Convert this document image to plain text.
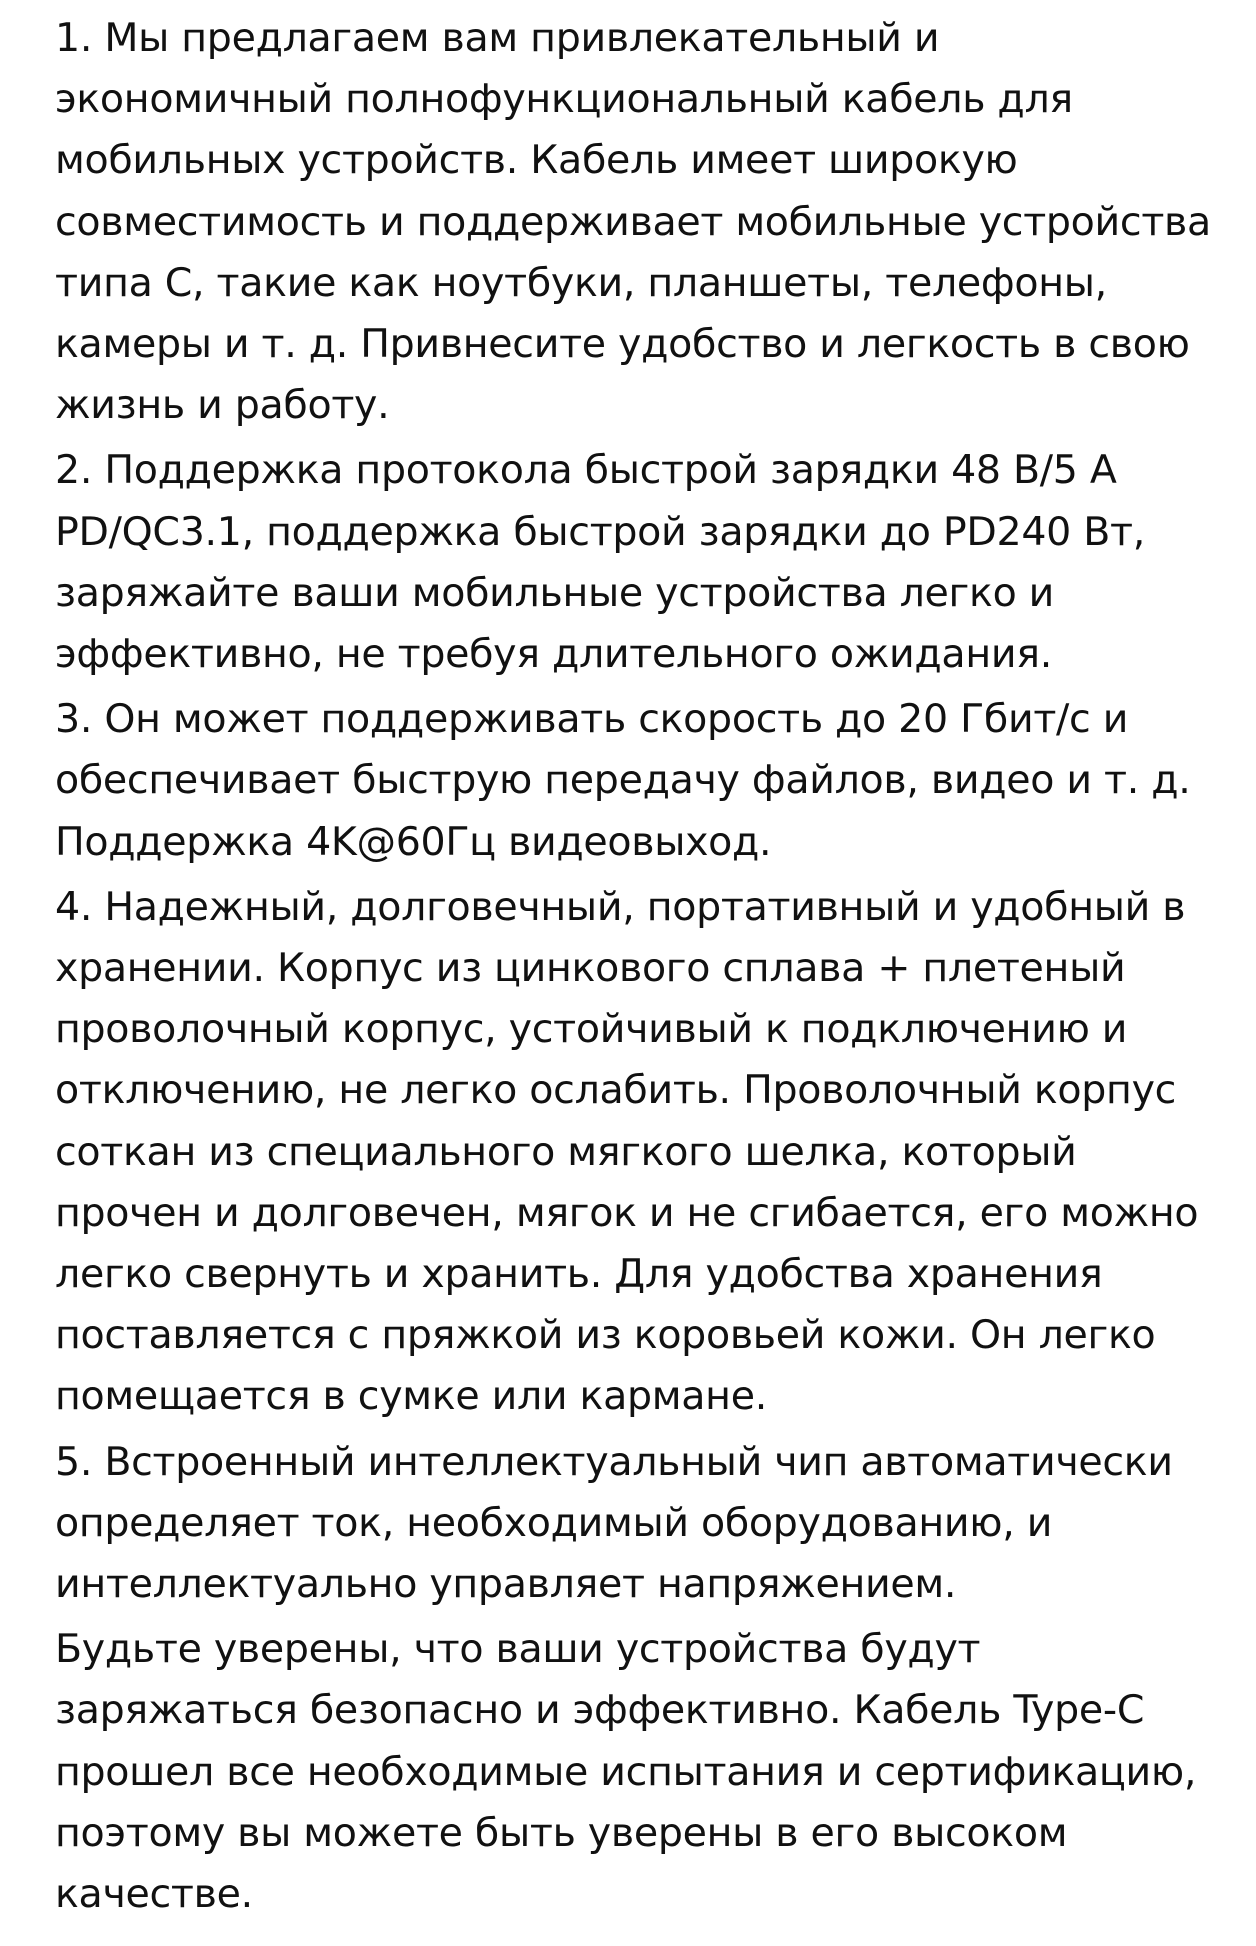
1. Мы предлагаем вам привлекательный и экономичный полнофункциональный кабель для мобильных устройств. Кабель имеет широкую совместимость и поддерживает мобильные устройства типа C, такие как ноутбуки, планшеты, телефоны, камеры и т. д. Привнесите удобство и легкость в свою жизнь и работу.

2. Поддержка протокола быстрой зарядки 48 В/5 А PD/QC3.1, поддержка быстрой зарядки до PD240 Вт, заряжайте ваши мобильные устройства легко и эффективно, не требуя длительного ожидания.

3. Он может поддерживать скорость до 20 Гбит/с и обеспечивает быструю передачу файлов, видео и т. д. Поддержка 4K@60Гц видеовыход.

4. Надежный, долговечный, портативный и удобный в хранении. Корпус из цинкового сплава + плетеный проволочный корпус, устойчивый к подключению и отключению, не легко ослабить. Проволочный корпус соткан из специального мягкого шелка, который прочен и долговечен, мягок и не сгибается, его можно легко свернуть и хранить. Для удобства хранения поставляется с пряжкой из коровьей кожи. Он легко помещается в сумке или кармане.

5. Встроенный интеллектуальный чип автоматически определяет ток, необходимый оборудованию, и интеллектуально управляет напряжением.

Будьте уверены, что ваши устройства будут заряжаться безопасно и эффективно. Кабель Type-C прошел все необходимые испытания и сертификацию, поэтому вы можете быть уверены в его высоком качестве.
